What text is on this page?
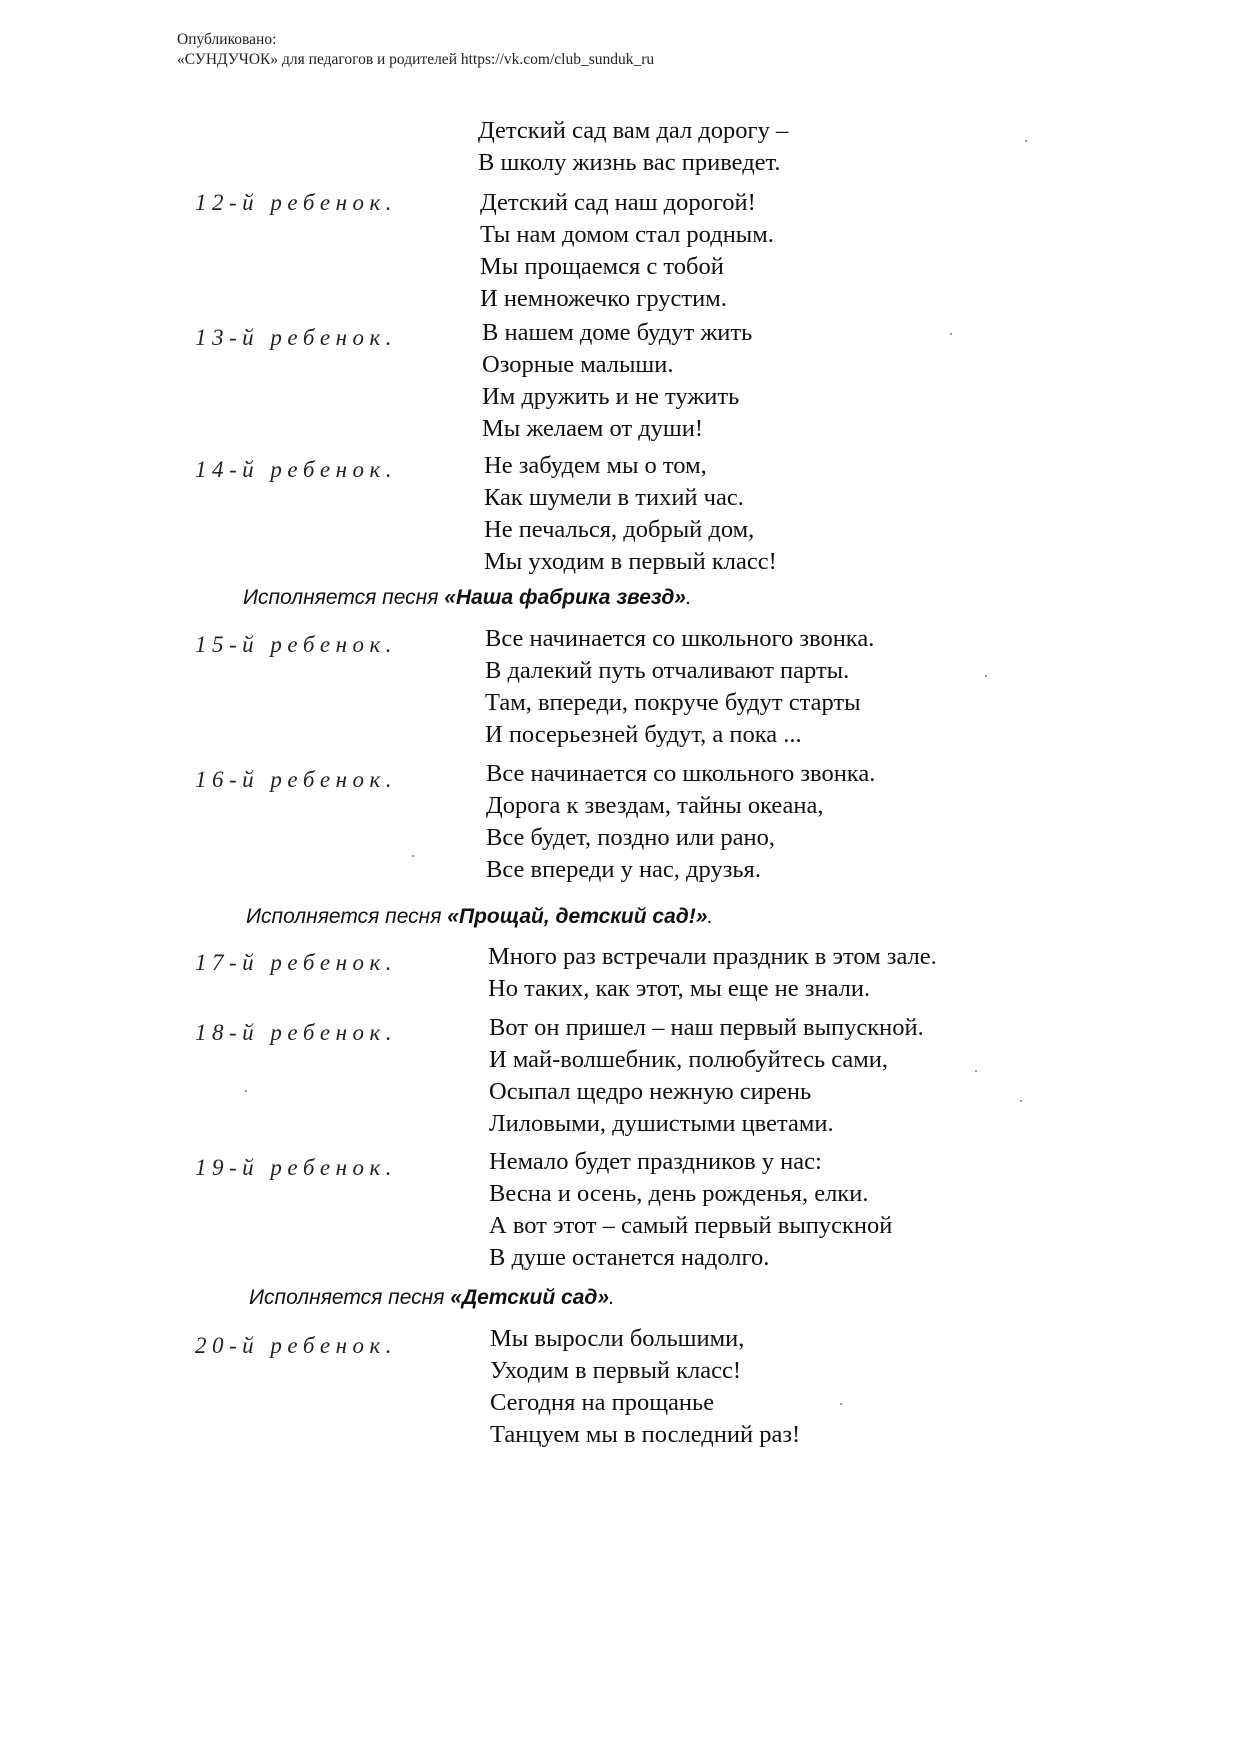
Опубликовано:
«СУНДУЧОК» для педагогов и родителей https://vk.com/club_sunduk_ru
Детский сад вам дал дорогу –
В школу жизнь вас приведет.
12-й ребенок.	Детский сад наш дорогой!
Ты нам домом стал родным.
Мы прощаемся с тобой
И немножечко грустим.
13-й ребенок.	В нашем доме будут жить
Озорные малыши.
Им дружить и не тужить
Мы желаем от души!
14-й ребенок.	Не забудем мы о том,
Как шумели в тихий час.
Не печалься, добрый дом,
Мы уходим в первый класс!
Исполняется песня «Наша фабрика звезд».
15-й ребенок.	Все начинается со школьного звонка.
В далекий путь отчаливают парты.
Там, впереди, покруче будут старты
И посерьезней будут, а пока ...
16-й ребенок.	Все начинается со школьного звонка.
Дорога к звездам, тайны океана,
Все будет, поздно или рано,
Все впереди у нас, друзья.
Исполняется песня «Прощай, детский сад!».
17-й ребенок.	Много раз встречали праздник в этом зале.
Но таких, как этот, мы еще не знали.
18-й ребенок.	Вот он пришел – наш первый выпускной.
И май-волшебник, полюбуйтесь сами,
Осыпал щедро нежную сирень
Лиловыми, душистыми цветами.
19-й ребенок.	Немало будет праздников у нас:
Весна и осень, день рожденья, елки.
А вот этот – самый первый выпускной
В душе останется надолго.
Исполняется песня «Детский сад».
20-й ребенок.	Мы выросли большими,
Уходим в первый класс!
Сегодня на прощанье
Танцуем мы в последний раз!
